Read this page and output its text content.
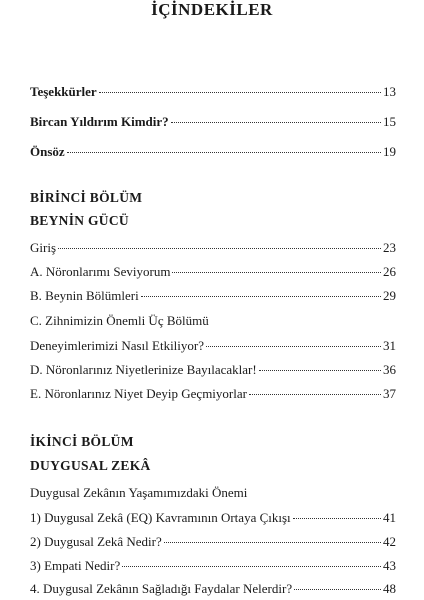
İÇİNDEKİLER
Teşekkürler	13
Bircan Yıldırım Kimdir?	15
Önsöz	19
BİRİNCİ BÖLÜM
BEYNİN GÜCÜ
Giriş	23
A. Nöronlarımı Seviyorum	26
B. Beynin Bölümleri	29
C. Zihnimizin Önemli Üç Bölümü
Deneyimlerimizi Nasıl Etkiliyor?	31
D. Nöronlarınız Niyetlerinize Bayılacaklar!	36
E. Nöronlarınız Niyet Deyip Geçmiyorlar	37
İKİNCİ BÖLÜM
DUYGUSAL ZEKÂ
Duygusal Zekânın Yaşamımızdaki Önemi
1) Duygusal Zekâ (EQ) Kavramının Ortaya Çıkışı	41
2) Duygusal Zekâ Nedir?	42
3) Empati Nedir?	43
4. Duygusal Zekânın Sağladığı Faydalar Nelerdir?	48
